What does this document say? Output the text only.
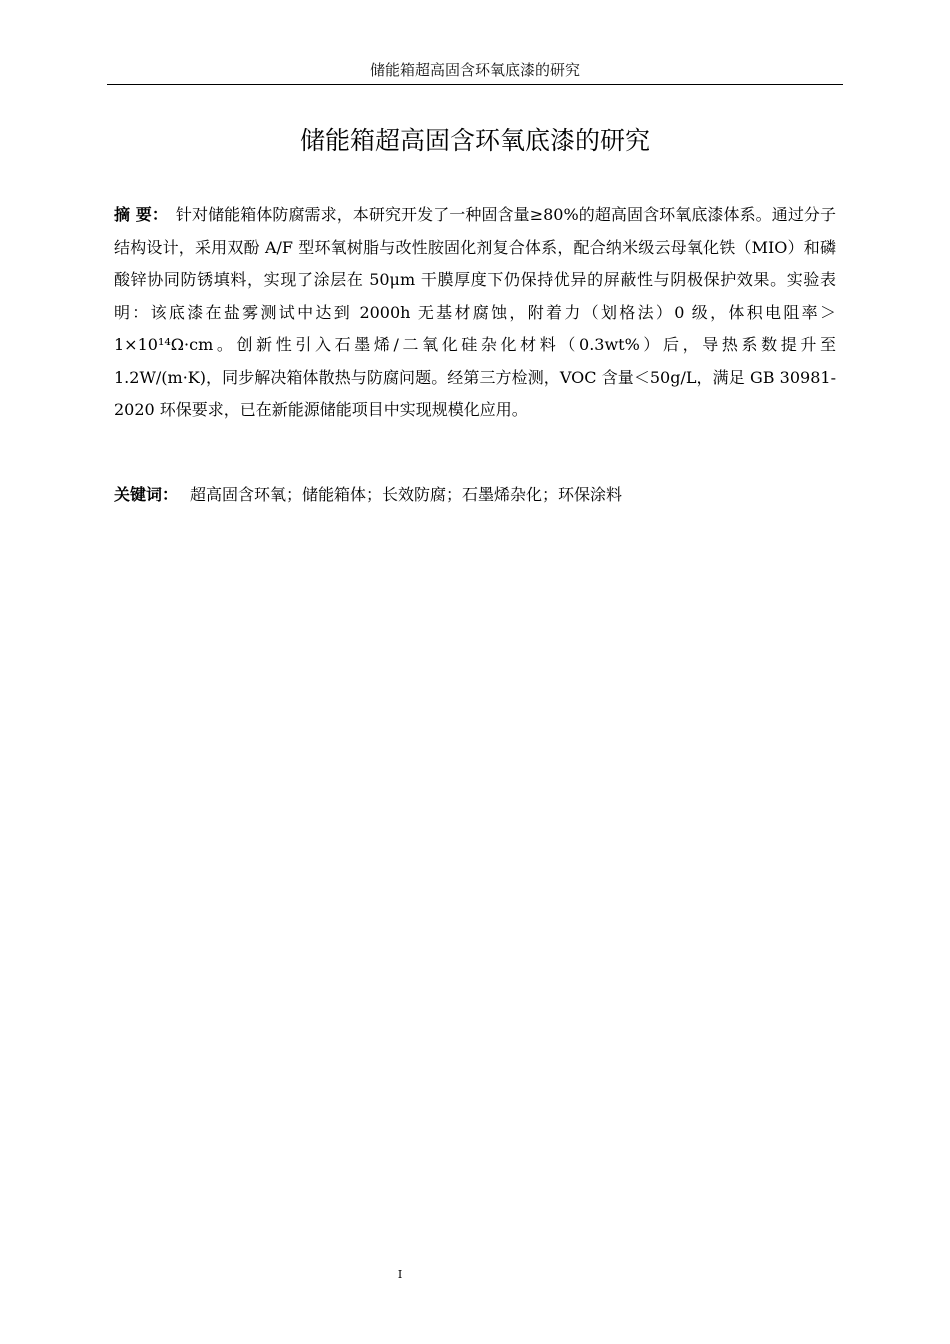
储能箱超高固含环氧底漆的研究
储能箱超高固含环氧底漆的研究

摘 要： 针对储能箱体防腐需求，本研究开发了一种固含量≥80%的超高固含环氧底漆体系。通过分子结构设计，采用双酚 A/F 型环氧树脂与改性胺固化剂复合体系，配合纳米级云母氧化铁（MIO）和磷酸锌协同防锈填料，实现了涂层在 50μm 干膜厚度下仍保持优异的屏蔽性与阴极保护效果。实验表明：该底漆在盐雾测试中达到 2000h 无基材腐蚀，附着力（划格法）0 级，体积电阻率＞1×10¹⁴Ω·cm。创新性引入石墨烯/二氧化硅杂化材料（0.3wt%）后，导热系数提升至 1.2W/(m·K)，同步解决箱体散热与防腐问题。经第三方检测，VOC 含量＜50g/L，满足 GB 30981-2020 环保要求，已在新能源储能项目中实现规模化应用。

关键词： 超高固含环氧；储能箱体；长效防腐；石墨烯杂化；环保涂料

I
